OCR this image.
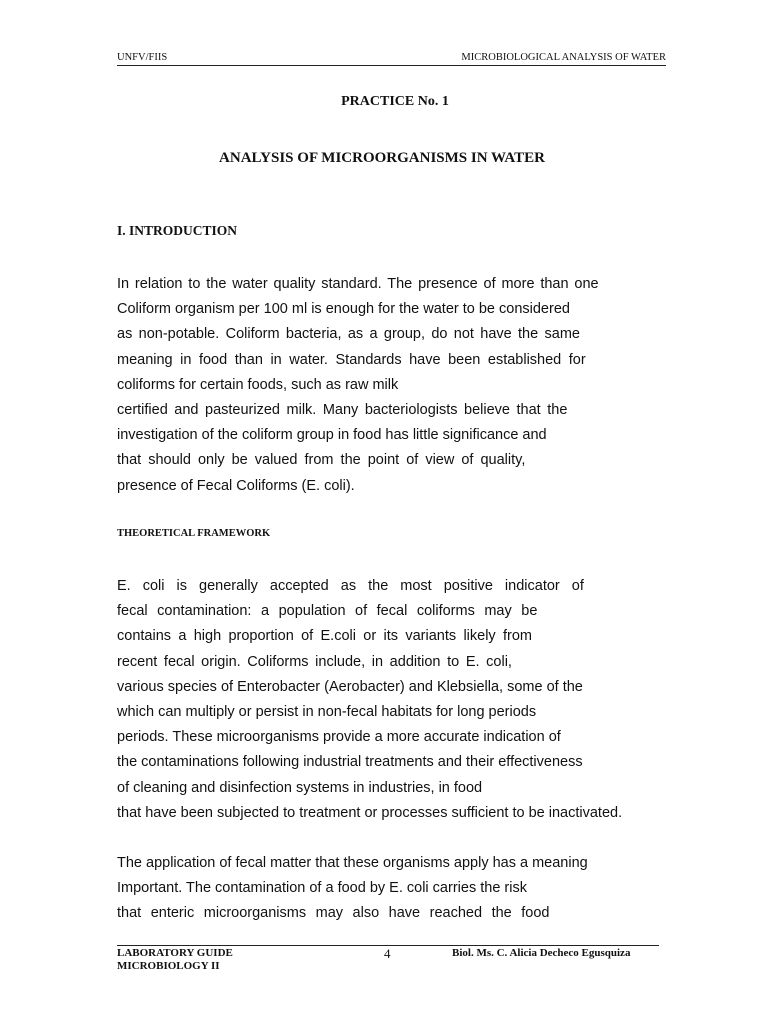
UNFV/FIIS	MICROBIOLOGICAL ANALYSIS OF WATER
PRACTICE No. 1
ANALYSIS OF MICROORGANISMS IN WATER
I. INTRODUCTION
In relation to the water quality standard. The presence of more than one
Coliform organism per 100 ml is enough for the water to be considered
as non-potable. Coliform bacteria, as a group, do not have the same
meaning in food than in water. Standards have been established for
coliforms for certain foods, such as raw milk
certified and pasteurized milk. Many bacteriologists believe that the
investigation of the coliform group in food has little significance and
that should only be valued from the point of view of quality,
presence of Fecal Coliforms (E. coli).
THEORETICAL FRAMEWORK
E. coli is generally accepted as the most positive indicator of
fecal contamination: a population of fecal coliforms may be
contains a high proportion of E.coli or its variants likely from
recent fecal origin. Coliforms include, in addition to E. coli,
various species of Enterobacter (Aerobacter) and Klebsiella, some of the
which can multiply or persist in non-fecal habitats for long periods
periods. These microorganisms provide a more accurate indication of
the contaminations following industrial treatments and their effectiveness
of cleaning and disinfection systems in industries, in food
that have been subjected to treatment or processes sufficient to be inactivated.
The application of fecal matter that these organisms apply has a meaning
Important. The contamination of a food by E. coli carries the risk
that enteric microorganisms may also have reached the food
LABORATORY GUIDE
MICROBIOLOGY II
4	Biol. Ms. C. Alicia Decheco Egusquiza
